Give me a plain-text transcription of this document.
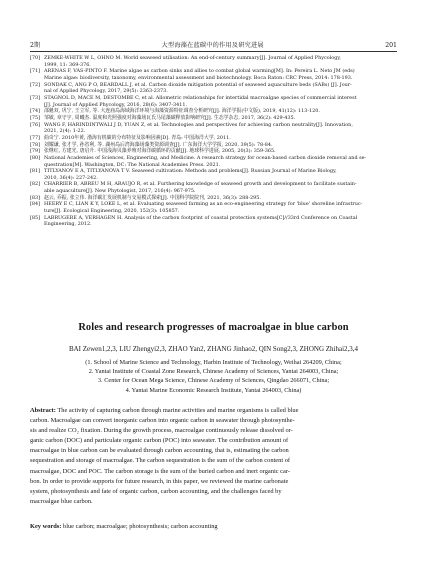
2期	大型海藻在蓝碳中的作用及研究进展	201
[70] ZEMKE-WHITE W L, OHNO M. World seaweed utilisation: An end-of-century summary[J]. Journal of Applied Phycology,
1999, 11: 369-376.
[71] ARENAS F, VAS-PINTO F. Marine algae as carbon sinks and allies to combat global warming[M]. In: Pereira L. Neto JM (eds)
Marine algae: biodiversity, taxonomy, environmental assessment and biotechnology. Boca Raton: CRC Press, 2014: 178-193.
[72] SONDAK C, ANG P O, BEARDALL J, et al. Carbon dioxide mitigation potential of seaweed aquaculture beds (SABs) [J]. Jour-
nal of Applied Phycology, 2017, 29(5): 2363-2373.
[73] STAGNOL D, MACE M, DESTOMBE C, et al. Allometric relationships for intertidal macroalgae species of commercial interest
[J]. Journal of Applied Phycology, 2016, 28(6): 3407-3411.
[74] 邵魁双, 巩宁, 王立军, 等. 大连庙岛海域海洋环境与海藻资源特征调查分析研究[J]. 海洋学报(中文版), 2019, 41(12): 113-120.
[75] 邹敏, 章守宇, 周曦杰. 温度和光照强度对海藻场瓦氏马尾藻碳释放影响研究[J]. 生态学杂志, 2017, 36(2): 429-435.
[76] WANG F, HARINDINTWALI J D, YUAN Z, et al. Technologies and perspectives for achieving carbon neutrality[J]. Innovation,
2021, 2(4): 1-22.
[77] 曲奇宁. 2010年黄, 渤海有机碳的分布特征及影响因素[D]. 青岛: 中国海洋大学, 2011.
[78] 刘耀谦, 张才学, 孙省利, 等. 湖州岛后湾海藻场藻类资源调查[J]. 广东海洋大学学报, 2020, 39(5): 78-84.
[79] 张继红, 方建光, 唐启升. 中国浅海贝藻养殖对海洋碳循环的贡献[J]. 地球科学进展, 2005, 20(3): 359-365.
[80] National Academies of Sciences, Engineering, and Medicine. A research strategy for ocean-based carbon dioxide removal and se-
questration[M]. Washington, DC: The National Academies Press. 2021.
[81] TITLYANOV E A, TITLYANOVA T V. Seaweed cultivation: Methods and problems[J]. Russian Journal of Marine Biology,
2010, 36(4): 227-242.
[82] CHARRIER B, ABREU M H, ARAUJO R, et al. Furthering knowledge of seaweed growth and development to facilitate sustain-
able aquaculture[J]. New Phytologist, 2017, 216(4): 967-975.
[83] 赵云, 乔振, 张立伟. 海洋碳汇发展机制与交易模式探索[J]. 中国科学院院刊, 2021, 36(3): 288-295.
[84] HEERY E C, LIAN K Y, LOKE L, et al. Evaluating seaweed farming as an eco-engineering strategy for 'blue' shoreline infrastruc-
ture[J]. Ecological Engineering, 2020, 152(3): 105857.
[85] LABRUGERE A, VERHAGEN H. Analysis of the carbon footprint of coastal protection systems[C]//33rd Conference on Coastal
Engineering, 2012.
Roles and research progresses of macroalgae in blue carbon
BAI Zewen1,2,3, LIU Zhengyi2,3, ZHAO Yan2, ZHANG Jinhao2, QIN Song2,3, ZHONG Zhihai2,3,4
(1. School of Marine Science and Technology, Harbin Institute of Technology, Weihai 264209, China;
2. Yantai Institute of Coastal Zone Research, Chinese Academy of Sciences, Yantai 264003, China;
3. Center for Ocean Mega Science, Chinese Academy of Sciences, Qingdao 266071, China;
4. Yantai Marine Economic Research Institute, Yantai 264003, China)
Abstract: The activity of capturing carbon through marine activities and marine organisms is called blue
carbon. Macroalgae can convert inorganic carbon into organic carbon in seawater through photosynthe-
sis and realize CO₂ fixation. During the growth process, macroalgae continuously release dissolved or-
ganic carbon (DOC) and particulate organic carbon (POC) into seawater. The contribution amount of
macroalgae in blue carbon can be evaluated through carbon accounting, that is, estimating the carbon
sequestration and storage of macroalgae. The carbon sequestration is the sum of the carbon content of
macroalgae, DOC and POC. The carbon storage is the sum of the buried carbon and inert organic car-
bon. In order to provide supports for future research, in this paper, we reviewed the marine carbonate
system, photosynthesis and fate of organic carbon, carbon accounting, and the challenges faced by
macroalgae blue carbon.
Key words: blue carbon; macroalgae; photosynthesis; carbon accounting
